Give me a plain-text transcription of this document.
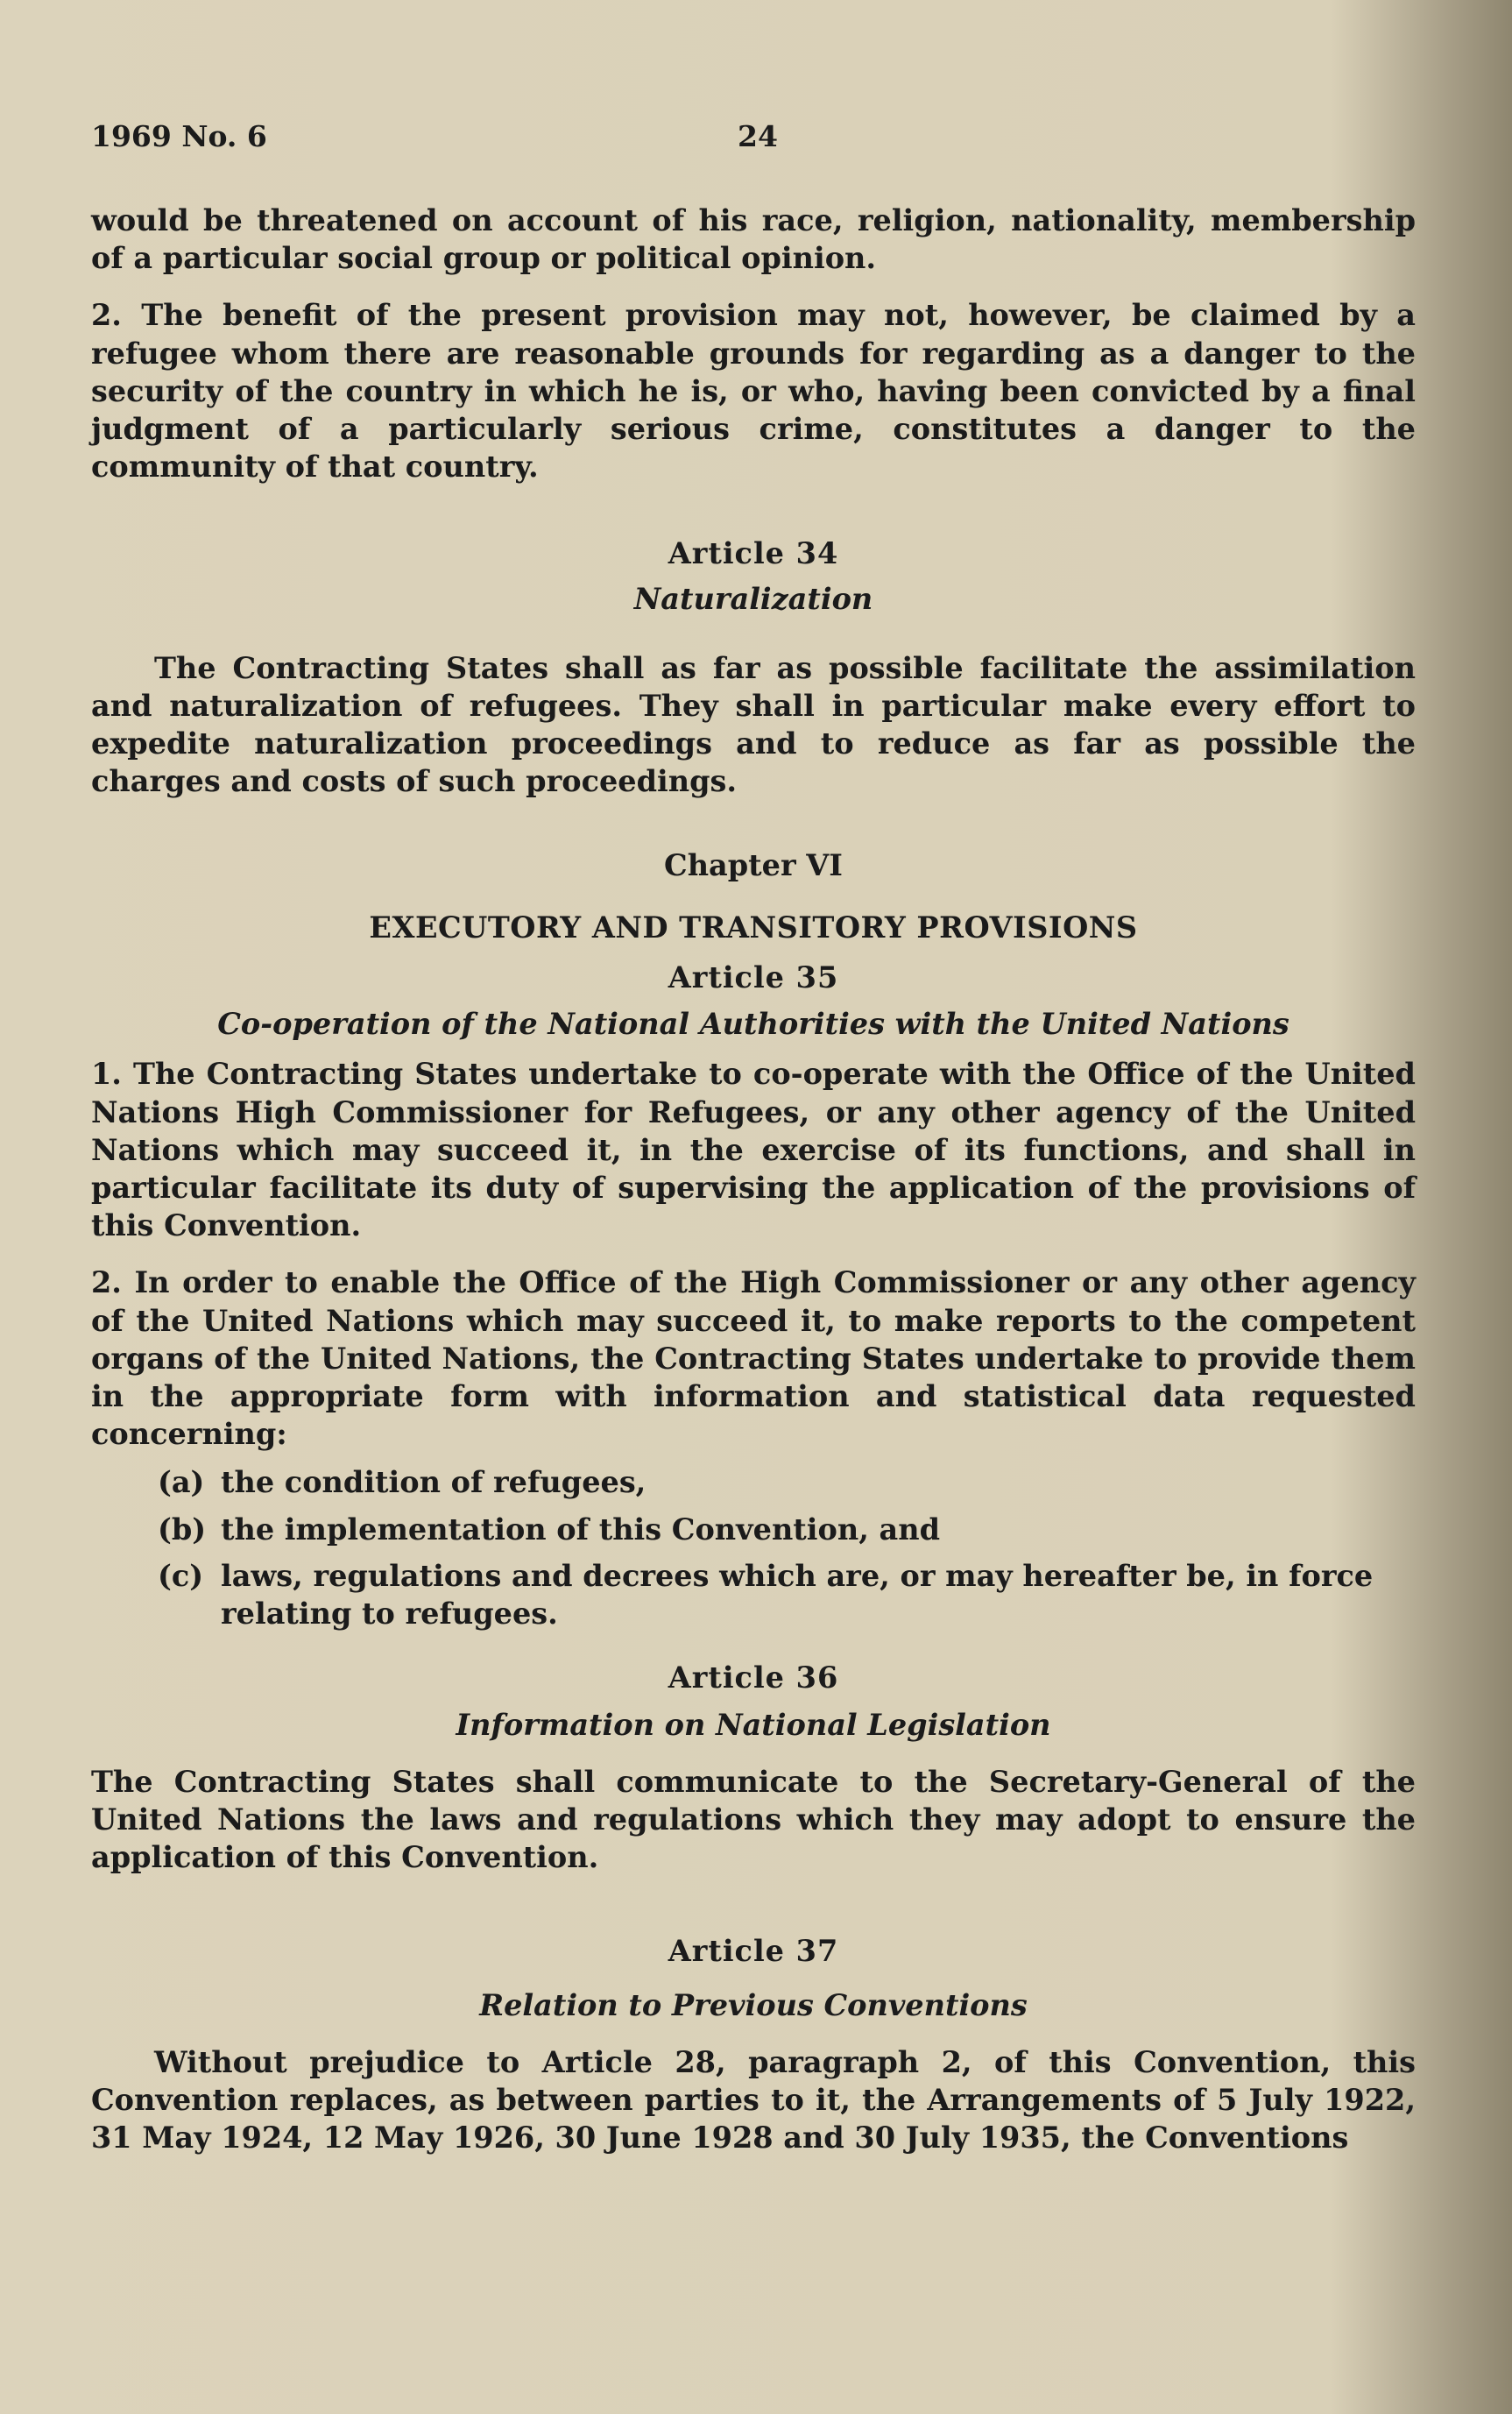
1969 No. 6	24

would be threatened on account of his race, religion, nationality, membership of a particular social group or political opinion.

2. The benefit of the present provision may not, however, be claimed by a refugee whom there are reasonable grounds for regarding as a danger to the security of the country in which he is, or who, having been convicted by a final judgment of a particularly serious crime, constitutes a danger to the community of that country.

Article 34
Naturalization

The Contracting States shall as far as possible facilitate the assimilation and naturalization of refugees. They shall in particular make every effort to expedite naturalization proceedings and to reduce as far as possible the charges and costs of such proceedings.

Chapter VI
EXECUTORY AND TRANSITORY PROVISIONS
Article 35
Co-operation of the National Authorities with the United Nations

1. The Contracting States undertake to co-operate with the Office of the United Nations High Commissioner for Refugees, or any other agency of the United Nations which may succeed it, in the exercise of its functions, and shall in particular facilitate its duty of supervising the application of the provisions of this Convention.

2. In order to enable the Office of the High Commissioner or any other agency of the United Nations which may succeed it, to make reports to the competent organs of the United Nations, the Contracting States undertake to provide them in the appropriate form with information and statistical data requested concerning:

(a) the condition of refugees,
(b) the implementation of this Convention, and
(c) laws, regulations and decrees which are, or may hereafter be, in force relating to refugees.
Article 36
Information on National Legislation

The Contracting States shall communicate to the Secretary-General of the United Nations the laws and regulations which they may adopt to ensure the application of this Convention.

Article 37
Relation to Previous Conventions

Without prejudice to Article 28, paragraph 2, of this Convention, this Convention replaces, as between parties to it, the Arrangements of 5 July 1922, 31 May 1924, 12 May 1926, 30 June 1928 and 30 July 1935, the Conventions
